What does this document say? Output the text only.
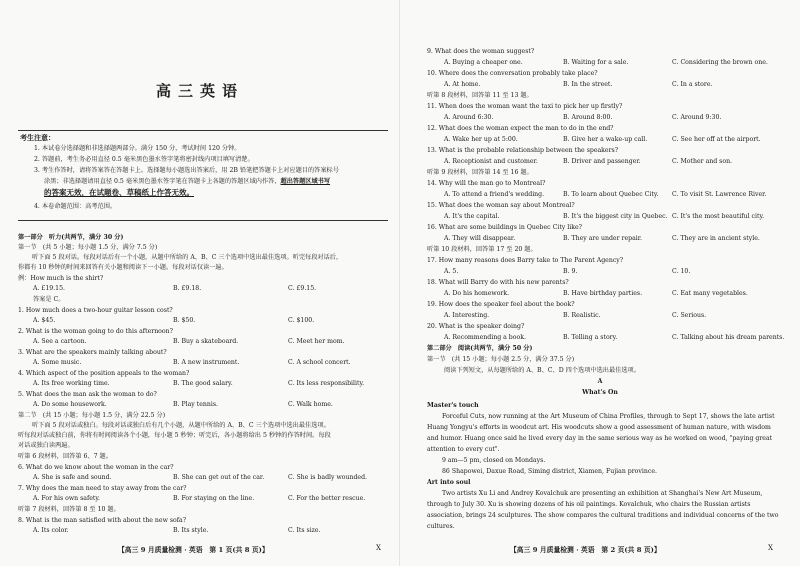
高三英语
考生注意：
1. 本试卷分选择题和非选择题两部分。满分 150 分，考试时间 120 分钟。
2. 答题前，考生务必用直径 0.5 毫米黑色墨水签字笔将密封线内项目填写清楚。
3. 考生作答时，请将答案答在答题卡上。选择题每小题选出答案后，用 2B 铅笔把答题卡上对应题目的答案标号
涂黑；非选择题请用直径 0.5 毫米黑色墨水签字笔在答题卡上各题的答题区域内作答，超出答题区域书写
的答案无效，在试题卷、草稿纸上作答无效。
4. 本卷命题范围：高考范围。
第一部分　听力(共两节，满分 30 分)
第一节　(共 5 小题；每小题 1.5 分，满分 7.5 分)
听下面 5 段对话。每段对话后有一个小题，从题中所给的 A、B、C 三个选项中选出最佳选项。听完每段对话后，
你都有 10 秒钟的时间来回答有关小题和阅读下一小题。每段对话仅读一遍。
例：How much is the shirt?
A. £19.15.	B. £9.18.	C. £9.15.
答案是 C。
1. How much does a two-hour guitar lesson cost?
A. $45.	B. $50.	C. $100.
2. What is the woman going to do this afternoon?
A. See a cartoon.	B. Buy a skateboard.	C. Meet her mom.
3. What are the speakers mainly talking about?
A. Some music.	B. A new instrument.	C. A school concert.
4. Which aspect of the position appeals to the woman?
A. Its free working time.	B. The good salary.	C. Its less responsibility.
5. What does the man ask the woman to do?
A. Do some housework.	B. Play tennis.	C. Walk home.
第二节　(共 15 小题；每小题 1.5 分，满分 22.5 分)
听下面 5 段对话或独白。每段对话或独白后有几个小题，从题中所给的 A、B、C 三个选项中选出最佳选项。
听每段对话或独白前，你将有时间阅读各个小题，每小题 5 秒钟；听完后，各小题将给出 5 秒钟的作答时间。每段
对话或独白读两遍。
听第 6 段材料，回答第 6、7 题。
6. What do we know about the woman in the car?
A. She is safe and sound.	B. She can get out of the car.	C. She is badly wounded.
7. Why does the man need to stay away from the car?
A. For his own safety.	B. For staying on the line.	C. For the better rescue.
听第 7 段材料，回答第 8 至 10 题。
8. What is the man satisfied with about the new sofa?
A. Its color.	B. Its style.	C. Its size.
【高三 9 月质量检测 · 英语　第 1 页(共 8 页)】	X
9. What does the woman suggest?
A. Buying a cheaper one.	B. Waiting for a sale.	C. Considering the brown one.
10. Where does the conversation probably take place?
A. At home.	B. In the street.	C. In a store.
听第 8 段材料，回答第 11 至 13 题。
11. When does the woman want the taxi to pick her up firstly?
A. Around 6:30.	B. Around 8:00.	C. Around 9:30.
12. What does the woman expect the man to do in the end?
A. Wake her up at 5:00.	B. Give her a wake-up call.	C. See her off at the airport.
13. What is the probable relationship between the speakers?
A. Receptionist and customer.	B. Driver and passenger.	C. Mother and son.
听第 9 段材料，回答第 14 至 16 题。
14. Why will the man go to Montreal?
A. To attend a friend's wedding.	B. To learn about Quebec City. C. To visit St. Lawrence River.
15. What does the woman say about Montreal?
A. It's the capital.	B. It's the biggest city in Quebec. C. It's the most beautiful city.
16. What are some buildings in Quebec City like?
A. They will disappear.	B. They are under repair.	C. They are in ancient style.
听第 10 段材料，回答第 17 至 20 题。
17. How many reasons does Barry take to The Parent Agency?
A. 5.	B. 9.	C. 10.
18. What will Barry do with his new parents?
A. Do his homework.	B. Have birthday parties.	C. Eat many vegetables.
19. How does the speaker feel about the book?
A. Interesting.	B. Realistic.	C. Serious.
20. What is the speaker doing?
A. Recommending a book.	B. Telling a story.	C. Talking about his dream parents.
第二部分　阅读(共两节，满分 50 分)
第一节　(共 15 小题；每小题 2.5 分，满分 37.5 分)
阅读下列短文，从每题所给的 A、B、C、D 四个选项中选出最佳选项。
A
What's On
Master's touch
Forceful Cuts, now running at the Art Museum of China Profiles, through to Sept 17, shows the late artist
Huang Yongyu's efforts in woodcut art. His woodcuts show a good assessment of human nature, with wisdom
and humor. Huang once said he lived every day in the same serious way as he worked on wood, "paying great
attention to every cut".
9 am—5 pm, closed on Mondays.
86 Shapowei, Daxue Road, Siming district, Xiamen, Fujian province.
Art into soul
Two artists Xu Li and Andrey Kovalchuk are presenting an exhibition at Shanghai's New Art Museum,
through to July 30. Xu is showing dozens of his oil paintings. Kovalchuk, who chairs the Russian artists
association, brings 24 sculptures. The show compares the cultural traditions and individual concerns of the two
cultures.
【高三 9 月质量检测 · 英语　第 2 页(共 8 页)】	X
